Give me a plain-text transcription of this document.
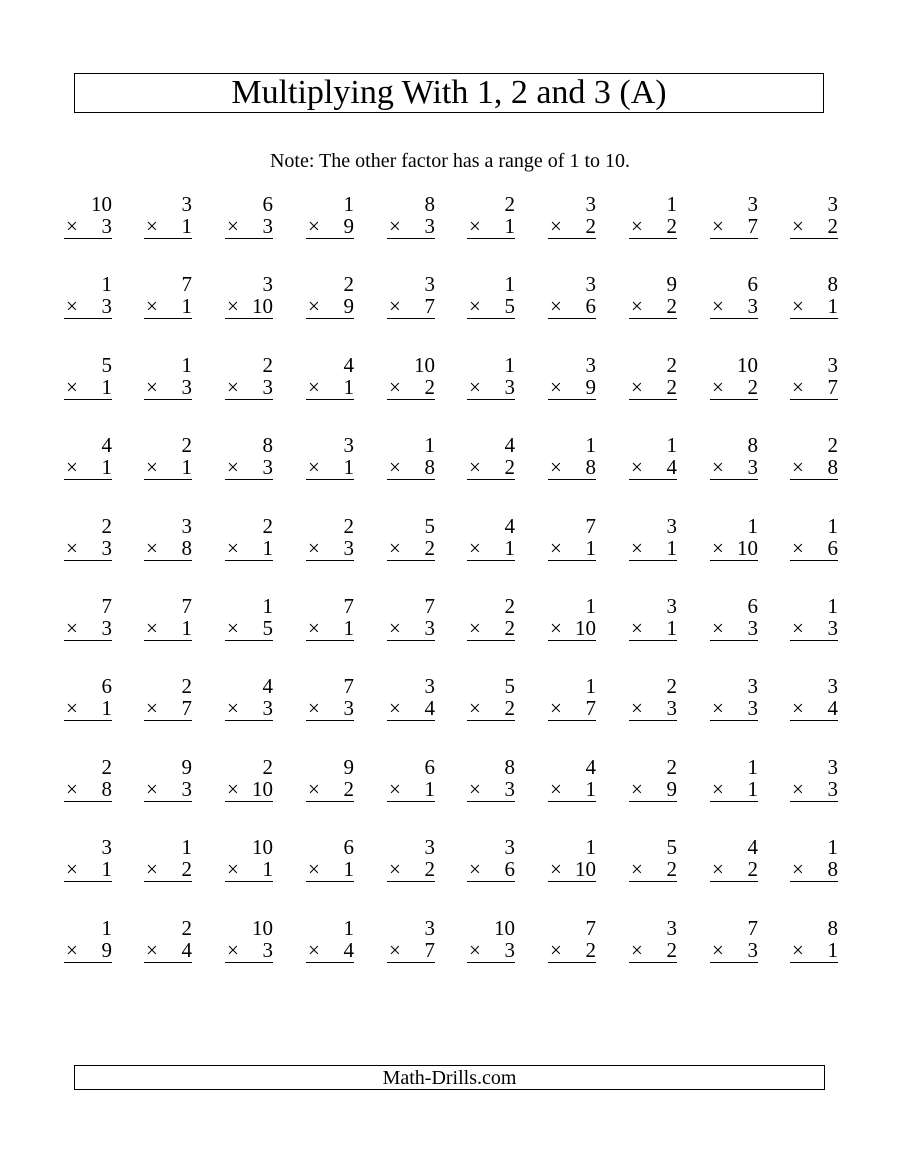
Multiplying With 1, 2 and 3 (A)
Note: The other factor has a range of 1 to 10.
10
× 3
3
× 1
6
× 3
1
× 9
8
× 3
2
× 1
3
× 2
1
× 2
3
× 7
3
× 2
1
× 3
7
× 1
3
× 10
2
× 9
3
× 7
1
× 5
3
× 6
9
× 2
6
× 3
8
× 1
5
× 1
1
× 3
2
× 3
4
× 1
10
× 2
1
× 3
3
× 9
2
× 2
10
× 2
3
× 7
4
× 1
2
× 1
8
× 3
3
× 1
1
× 8
4
× 2
1
× 8
1
× 4
8
× 3
2
× 8
2
× 3
3
× 8
2
× 1
2
× 3
5
× 2
4
× 1
7
× 1
3
× 1
1
× 10
1
× 6
7
× 3
7
× 1
1
× 5
7
× 1
7
× 3
2
× 2
1
× 10
3
× 1
6
× 3
1
× 3
6
× 1
2
× 7
4
× 3
7
× 3
3
× 4
5
× 2
1
× 7
2
× 3
3
× 3
3
× 4
2
× 8
9
× 3
2
× 10
9
× 2
6
× 1
8
× 3
4
× 1
2
× 9
1
× 1
3
× 3
3
× 1
1
× 2
10
× 1
6
× 1
3
× 2
3
× 6
1
× 10
5
× 2
4
× 2
1
× 8
1
× 9
2
× 4
10
× 3
1
× 4
3
× 7
10
× 3
7
× 2
3
× 2
7
× 3
8
× 1
Math-Drills.com
